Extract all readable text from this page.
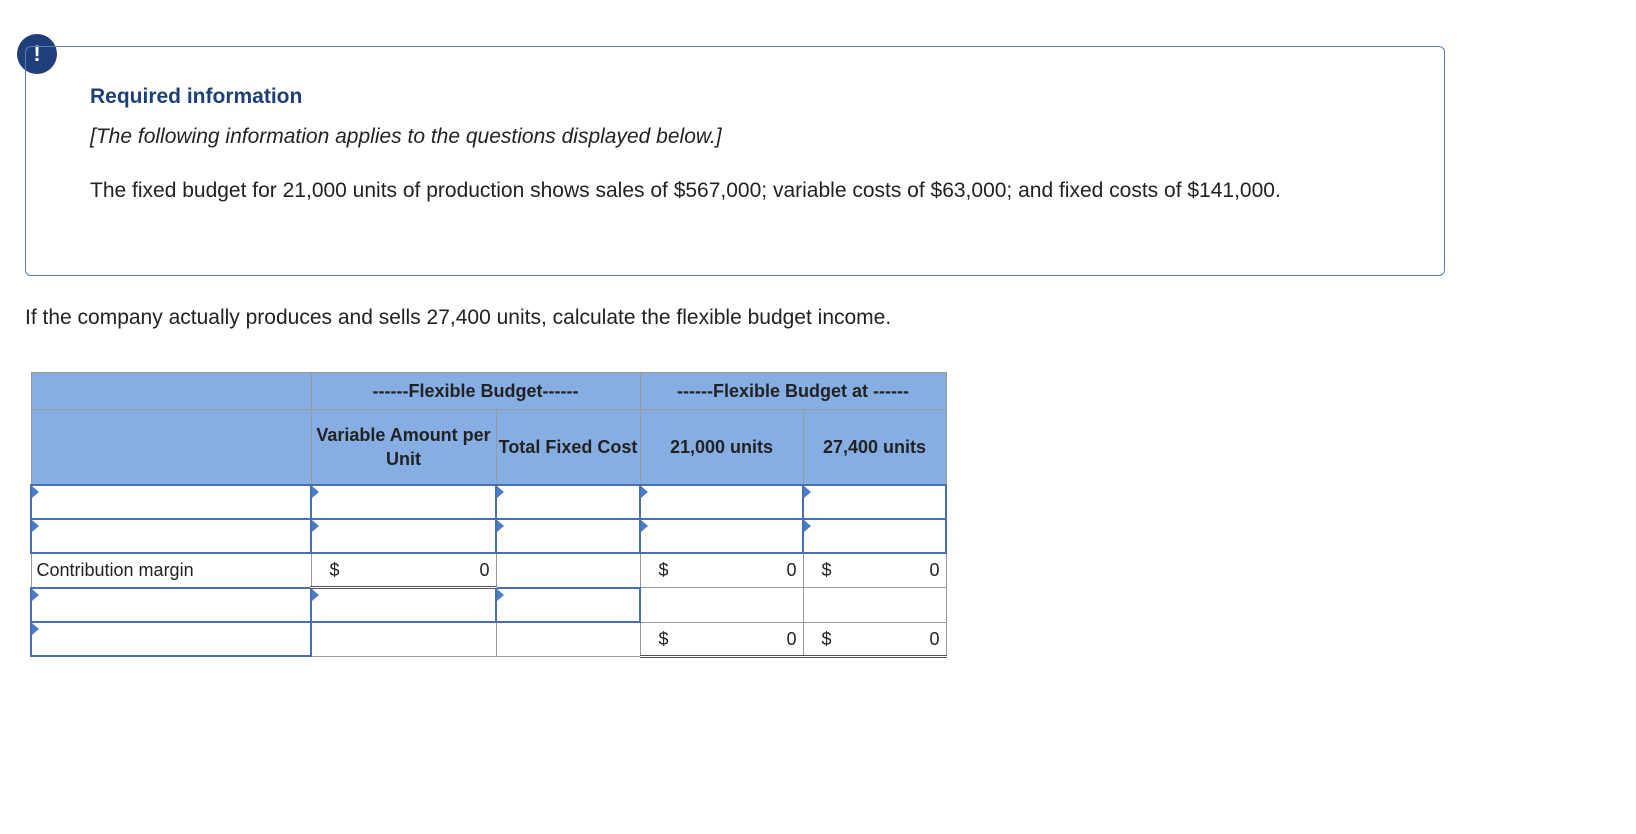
!
Required information
[The following information applies to the questions displayed below.]
The fixed budget for 21,000 units of production shows sales of $567,000; variable costs of $63,000; and fixed costs of $141,000.
If the company actually produces and sells 27,400 units, calculate the flexible budget income.
	------Flexible Budget------		------Flexible Budget at ------	
	Variable Amount per Unit	Total Fixed Cost	21,000 units	27,400 units

Contribution margin	$ 0		$ 0	$ 0

			$ 0	$ 0
